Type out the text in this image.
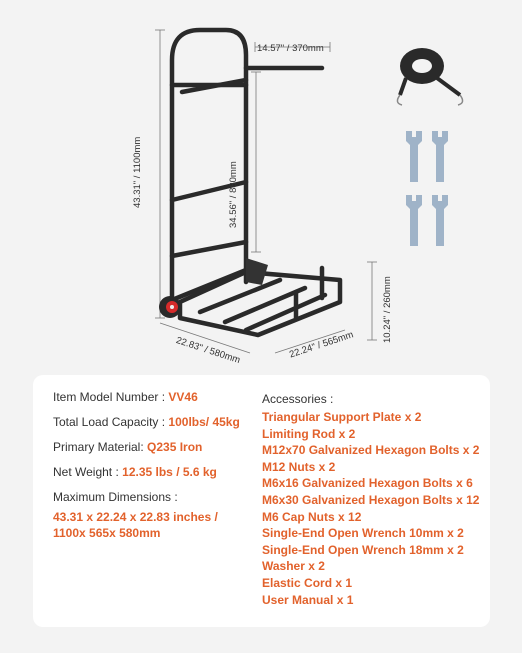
43.31" / 1100mm	34.56" / 880mm
14.57" / 370mm
10.24" / 260mm
22.83" / 580mm	22.24" / 565mm
Item Model Number : VV46
Total Load Capacity : 100lbs/ 45kg
Primary Material: Q235 Iron
Net Weight : 12.35 lbs / 5.6 kg
Maximum Dimensions :
43.31 x 22.24 x 22.83 inches /
1100x 565x 580mm
Accessories :
Triangular Support Plate x 2
Limiting Rod x 2
M12x70 Galvanized Hexagon Bolts x 2
M12 Nuts x 2
M6x16 Galvanized Hexagon Bolts x 6
M6x30 Galvanized Hexagon Bolts x 12
M6 Cap Nuts x 12
Single-End Open Wrench 10mm x 2
Single-End Open Wrench 18mm x 2
Washer x 2
Elastic Cord x 1
User Manual x 1
